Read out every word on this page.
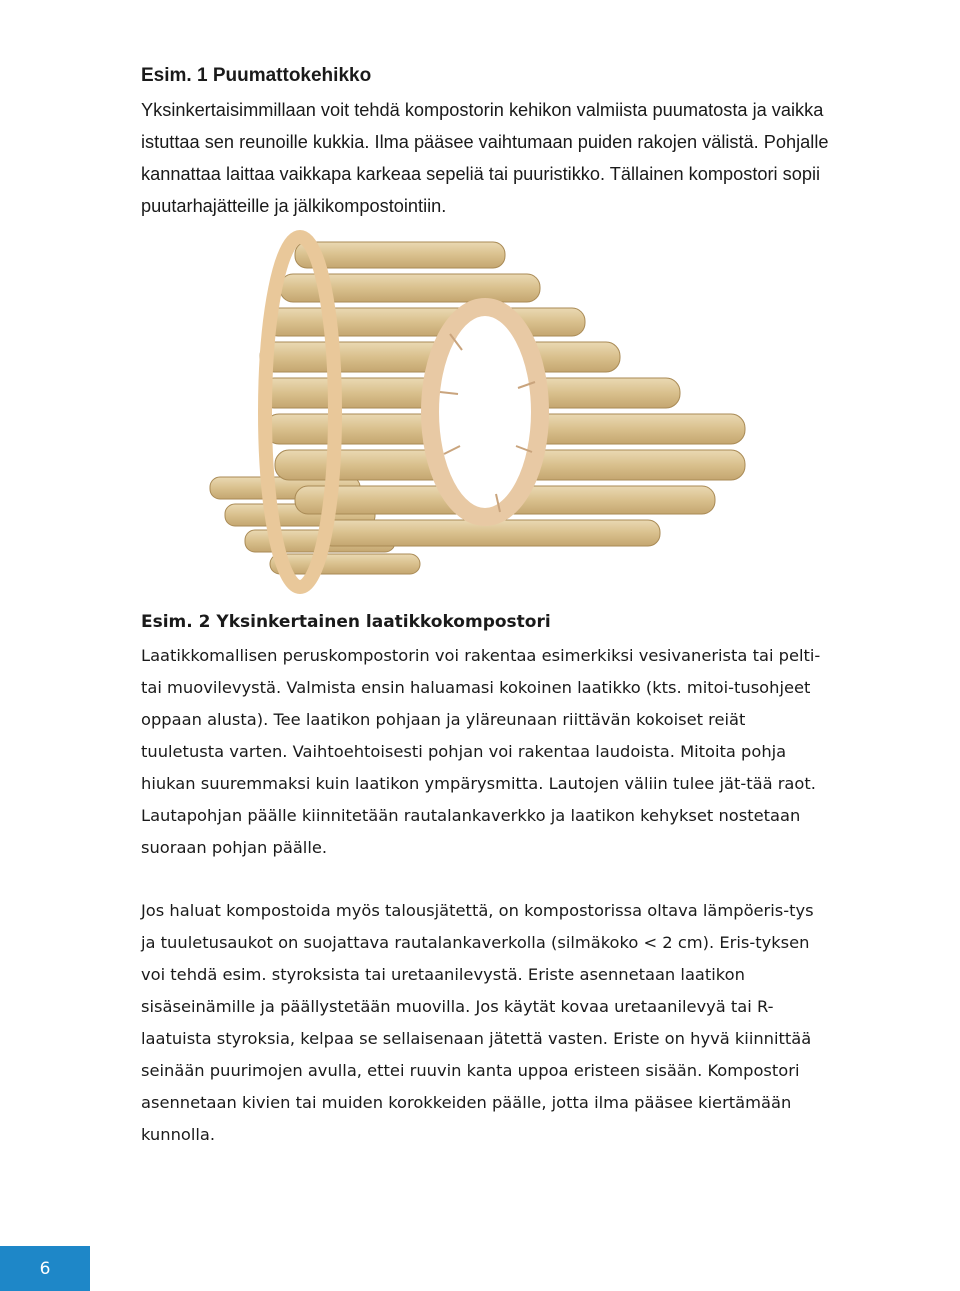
Esim. 1 Puumattokehikko

Yksinkertaisimmillaan voit tehdä kompostorin kehikon valmiista puumatosta ja vaikka istuttaa sen reunoille kukkia. Ilma pääsee vaihtumaan puiden rakojen välistä. Pohjalle kannattaa laittaa vaikkapa karkeaa sepeliä tai puuristikko. Tällainen kompostori sopii puutarhajätteille ja jälkikompostointiin.

Esim. 2 Yksinkertainen laatikkokompostori

Laatikkomallisen peruskompostorin voi rakentaa esimerkiksi vesivanerista tai pelti- tai muovilevystä. Valmista ensin haluamasi kokoinen laatikko (kts. mitoi-tusohjeet oppaan alusta). Tee laatikon pohjaan ja yläreunaan riittävän kokoiset reiät tuuletusta varten. Vaihtoehtoisesti pohjan voi rakentaa laudoista. Mitoita pohja hiukan suuremmaksi kuin laatikon ympärysmitta. Lautojen väliin tulee jät-tää raot. Lautapohjan päälle kiinnitetään rautalankaverkko ja laatikon kehykset nostetaan suoraan pohjan päälle.

Jos haluat kompostoida myös talousjätettä, on kompostorissa oltava lämpöeris-tys ja tuuletusaukot on suojattava rautalankaverkolla (silmäkoko < 2 cm). Eris-tyksen voi tehdä esim. styroksista tai uretaanilevystä. Eriste asennetaan laatikon sisäseinämille ja päällystetään muovilla. Jos käytät kovaa uretaanilevyä tai R-laatuista styroksia, kelpaa se sellaisenaan jätettä vasten. Eriste on hyvä kiinnittää seinään puurimojen avulla, ettei ruuvin kanta uppoa eristeen sisään. Kompostori asennetaan kivien tai muiden korokkeiden päälle, jotta ilma pääsee kiertämään kunnolla.

6
